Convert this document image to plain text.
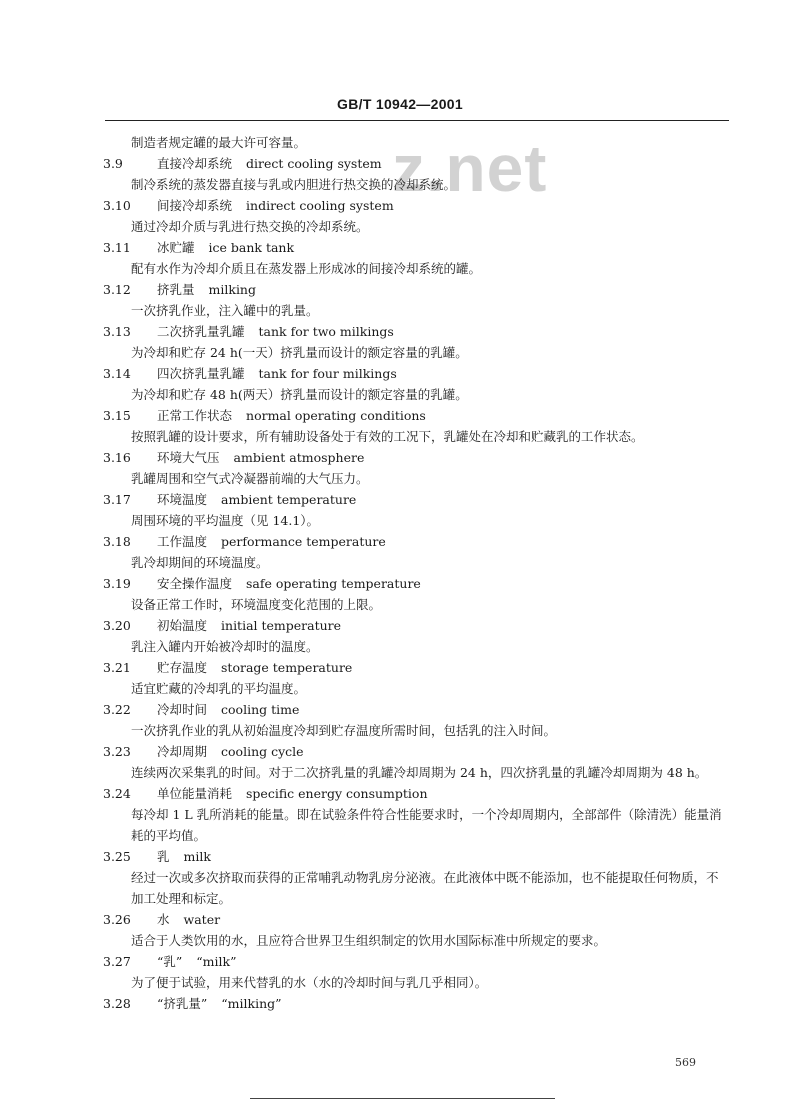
GB/T 10942—2001
z.net
制造者规定罐的最大许可容量。
3.9	直接冷却系统 direct cooling system
制冷系统的蒸发器直接与乳或内胆进行热交换的冷却系统。
3.10 间接冷却系统 indirect cooling system
通过冷却介质与乳进行热交换的冷却系统。
3.11 冰贮罐 ice bank tank
配有水作为冷却介质且在蒸发器上形成冰的间接冷却系统的罐。
3.12 挤乳量 milking
一次挤乳作业，注入罐中的乳量。
3.13 二次挤乳量乳罐 tank for two milkings
为冷却和贮存 24 h(一天）挤乳量而设计的额定容量的乳罐。
3.14 四次挤乳量乳罐 tank for four milkings
为冷却和贮存 48 h(两天）挤乳量而设计的额定容量的乳罐。
3.15 正常工作状态 normal operating conditions
按照乳罐的设计要求，所有辅助设备处于有效的工况下，乳罐处在冷却和贮藏乳的工作状态。
3.16 环境大气压 ambient atmosphere
乳罐周围和空气式冷凝器前端的大气压力。
3.17 环境温度 ambient temperature
周围环境的平均温度（见 14.1）。
3.18 工作温度 performance temperature
乳冷却期间的环境温度。
3.19 安全操作温度 safe operating temperature
设备正常工作时，环境温度变化范围的上限。
3.20 初始温度 initial temperature
乳注入罐内开始被冷却时的温度。
3.21 贮存温度 storage temperature
适宜贮藏的冷却乳的平均温度。
3.22 冷却时间 cooling time
一次挤乳作业的乳从初始温度冷却到贮存温度所需时间，包括乳的注入时间。
3.23 冷却周期 cooling cycle
连续两次采集乳的时间。对于二次挤乳量的乳罐冷却周期为 24 h，四次挤乳量的乳罐冷却周期为 48 h。
3.24 单位能量消耗 specific energy consumption
每冷却 1 L 乳所消耗的能量。即在试验条件符合性能要求时，一个冷却周期内，全部部件（除清洗）能量消耗的平均值。
3.25 乳 milk
经过一次或多次挤取而获得的正常哺乳动物乳房分泌液。在此液体中既不能添加，也不能提取任何物质，不加工处理和标定。
3.26 水 water
适合于人类饮用的水，且应符合世界卫生组织制定的饮用水国际标准中所规定的要求。
3.27 “乳” “milk”
为了便于试验，用来代替乳的水（水的冷却时间与乳几乎相同）。
3.28 “挤乳量” “milking”
569
